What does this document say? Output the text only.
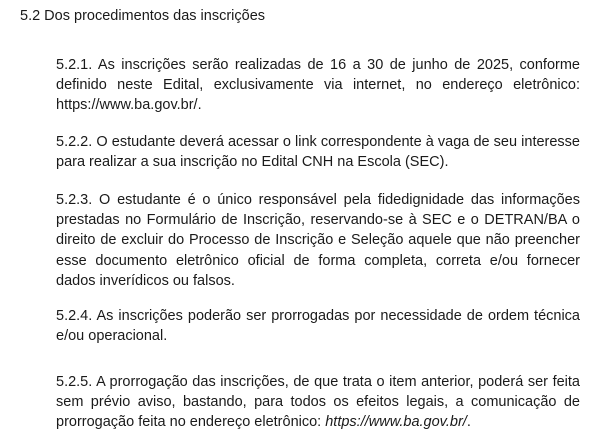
5.2 Dos procedimentos das inscrições

5.2.1. As inscrições serão realizadas de 16 a 30 de junho de 2025, conforme definido neste Edital, exclusivamente via internet, no endereço eletrônico: https://www.ba.gov.br/.

5.2.2. O estudante deverá acessar o link correspondente à vaga de seu interesse para realizar a sua inscrição no Edital CNH na Escola (SEC).

5.2.3. O estudante é o único responsável pela fidedignidade das informações prestadas no Formulário de Inscrição, reservando-se à SEC e o DETRAN/BA o direito de excluir do Processo de Inscrição e Seleção aquele que não preencher esse documento eletrônico oficial de forma completa, correta e/ou fornecer dados inverídicos ou falsos.

5.2.4. As inscrições poderão ser prorrogadas por necessidade de ordem técnica e/ou operacional.

5.2.5. A prorrogação das inscrições, de que trata o item anterior, poderá ser feita sem prévio aviso, bastando, para todos os efeitos legais, a comunicação de prorrogação feita no endereço eletrônico: https://www.ba.gov.br/.
